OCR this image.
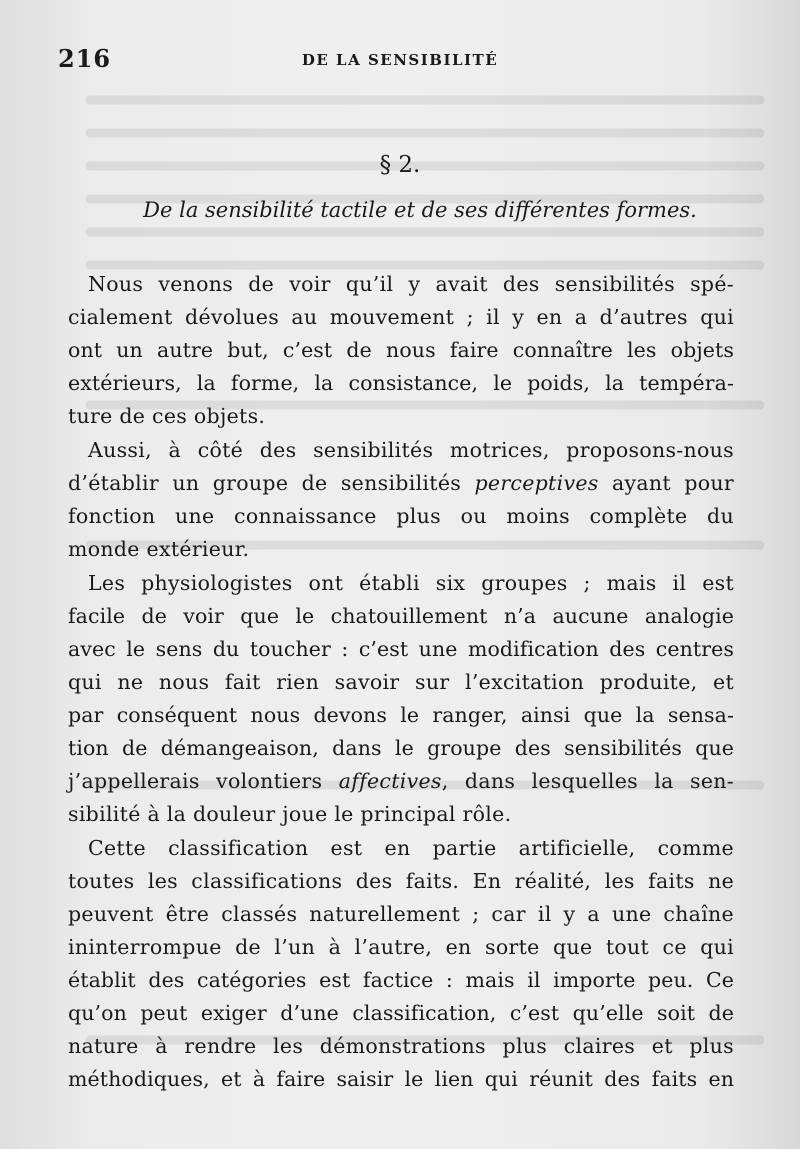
216	DE LA SENSIBILITÉ
§ 2.
De la sensibilité tactile et de ses différentes formes.
Nous venons de voir qu’il y avait des sensibilités spé-
cialement dévolues au mouvement ; il y en a d’autres qui
ont un autre but, c’est de nous faire connaître les objets
extérieurs, la forme, la consistance, le poids, la tempéra-
ture de ces objets.
Aussi, à côté des sensibilités motrices, proposons-nous
d’établir un groupe de sensibilités perceptives ayant pour
fonction une connaissance plus ou moins complète du
monde extérieur.
Les physiologistes ont établi six groupes ; mais il est
facile de voir que le chatouillement n’a aucune analogie
avec le sens du toucher : c’est une modification des centres
qui ne nous fait rien savoir sur l’excitation produite, et
par conséquent nous devons le ranger, ainsi que la sensa-
tion de démangeaison, dans le groupe des sensibilités que
j’appellerais volontiers affectives, dans lesquelles la sen-
sibilité à la douleur joue le principal rôle.
Cette classification est en partie artificielle, comme
toutes les classifications des faits. En réalité, les faits ne
peuvent être classés naturellement ; car il y a une chaîne
ininterrompue de l’un à l’autre, en sorte que tout ce qui
établit des catégories est factice : mais il importe peu. Ce
qu’on peut exiger d’une classification, c’est qu’elle soit de
nature à rendre les démonstrations plus claires et plus
méthodiques, et à faire saisir le lien qui réunit des faits en
